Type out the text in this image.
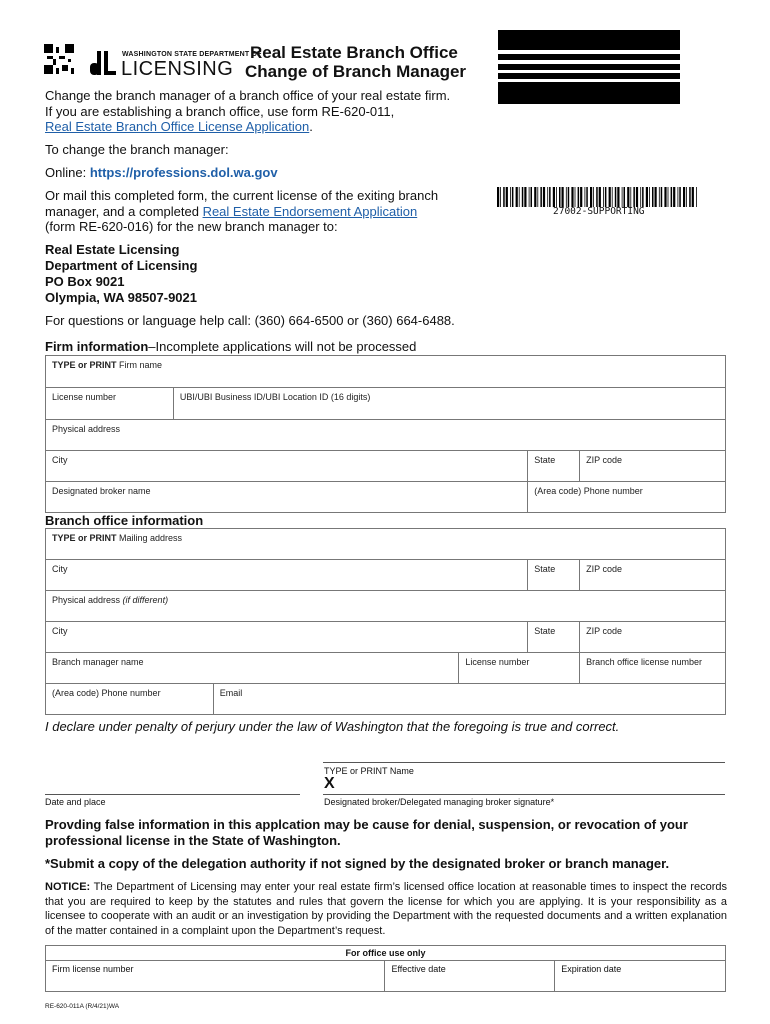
WASHINGTON STATE DEPARTMENT OF
LICENSING
Real Estate Branch Office
Change of Branch Manager
27002-SUPPORTING
Change the branch manager of a branch office of your real estate firm.
If you are establishing a branch office, use form RE-620-011,
Real Estate Branch Office License Application.
To change the branch manager:
Online: https://professions.dol.wa.gov
Or mail this completed form, the current license of the exiting branch
manager, and a completed Real Estate Endorsement Application
(form RE-620-016) for the new branch manager to:
Real Estate Licensing
Department of Licensing
PO Box 9021
Olympia, WA 98507-9021
For questions or language help call: (360) 664-6500 or (360) 664-6488.
Firm information–Incomplete applications will not be processed
TYPE or PRINT Firm name			
License number	UBI/UBI Business ID/UBI Location ID (16 digits)		
Physical address			
City		State	ZIP code
Designated broker name		(Area code) Phone number	
Branch office information
TYPE or PRINT Mailing address				
City			State	ZIP code
Physical address (if different)				
City			State	ZIP code
Branch manager name		License number		Branch office license number
(Area code) Phone number	Email			
I declare under penalty of perjury under the law of Washington that the foregoing is true and correct.
TYPE or PRINT Name
X
Date and place	Designated broker/Delegated managing broker signature*
Provding false information in this applcation may be cause for denial, suspension, or revocation of your professional license in the State of Washington.
*Submit a copy of the delegation authority if not signed by the designated broker or branch manager.
NOTICE: The Department of Licensing may enter your real estate firm’s licensed office location at reasonable times to inspect the records that you are required to keep by the statutes and rules that govern the license for which you are applying. It is your responsibility as a licensee to cooperate with an audit or an investigation by providing the Department with the requested documents and a written explanation of the matter contained in a complaint upon the Department’s request.
For office use only
Firm license number	Effective date	Expiration date
RE-620-011A (R/4/21)WA
